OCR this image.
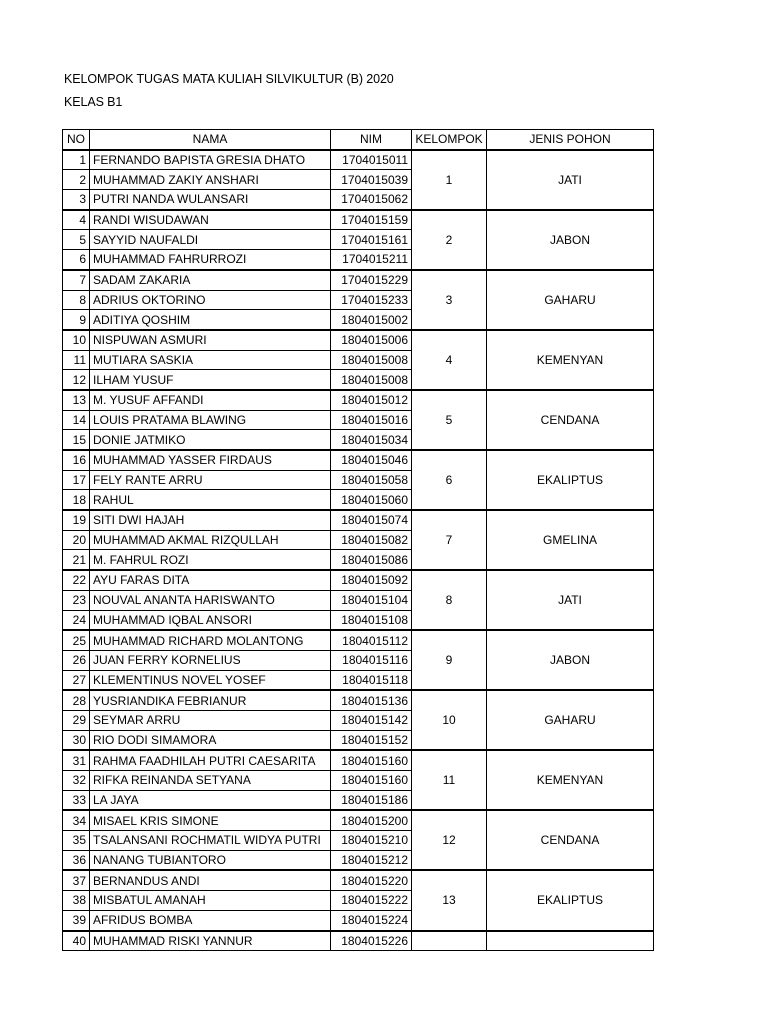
KELOMPOK TUGAS MATA KULIAH SILVIKULTUR (B) 2020
KELAS B1
NO	NAMA	NIM	KELOMPOK	JENIS POHON
1	FERNANDO BAPISTA GRESIA DHATO	1704015011	1	JATI
2	MUHAMMAD ZAKIY ANSHARI	1704015039		
3	PUTRI NANDA WULANSARI	1704015062		
4	RANDI WISUDAWAN	1704015159	2	JABON
5	SAYYID NAUFALDI	1704015161		
6	MUHAMMAD FAHRURROZI	1704015211		
7	SADAM ZAKARIA	1704015229	3	GAHARU
8	ADRIUS OKTORINO	1704015233		
9	ADITIYA QOSHIM	1804015002		
10	NISPUWAN ASMURI	1804015006	4	KEMENYAN
11	MUTIARA SASKIA	1804015008		
12	ILHAM YUSUF	1804015008		
13	M. YUSUF AFFANDI	1804015012	5	CENDANA
14	LOUIS PRATAMA BLAWING	1804015016		
15	DONIE JATMIKO	1804015034		
16	MUHAMMAD YASSER FIRDAUS	1804015046	6	EKALIPTUS
17	FELY RANTE ARRU	1804015058		
18	RAHUL	1804015060		
19	SITI DWI HAJAH	1804015074	7	GMELINA
20	MUHAMMAD AKMAL RIZQULLAH	1804015082		
21	M. FAHRUL ROZI	1804015086		
22	AYU FARAS DITA	1804015092	8	JATI
23	NOUVAL ANANTA HARISWANTO	1804015104		
24	MUHAMMAD IQBAL ANSORI	1804015108		
25	MUHAMMAD RICHARD MOLANTONG	1804015112	9	JABON
26	JUAN FERRY KORNELIUS	1804015116		
27	KLEMENTINUS NOVEL YOSEF	1804015118		
28	YUSRIANDIKA FEBRIANUR	1804015136	10	GAHARU
29	SEYMAR ARRU	1804015142		
30	RIO DODI SIMAMORA	1804015152		
31	RAHMA FAADHILAH PUTRI CAESARITA	1804015160	11	KEMENYAN
32	RIFKA REINANDA SETYANA	1804015160		
33	LA JAYA	1804015186		
34	MISAEL KRIS SIMONE	1804015200	12	CENDANA
35	TSALANSANI ROCHMATIL WIDYA PUTRI	1804015210		
36	NANANG TUBIANTORO	1804015212		
37	BERNANDUS ANDI	1804015220	13	EKALIPTUS
38	MISBATUL AMANAH	1804015222		
39	AFRIDUS BOMBA	1804015224		
40	MUHAMMAD RISKI YANNUR	1804015226		
